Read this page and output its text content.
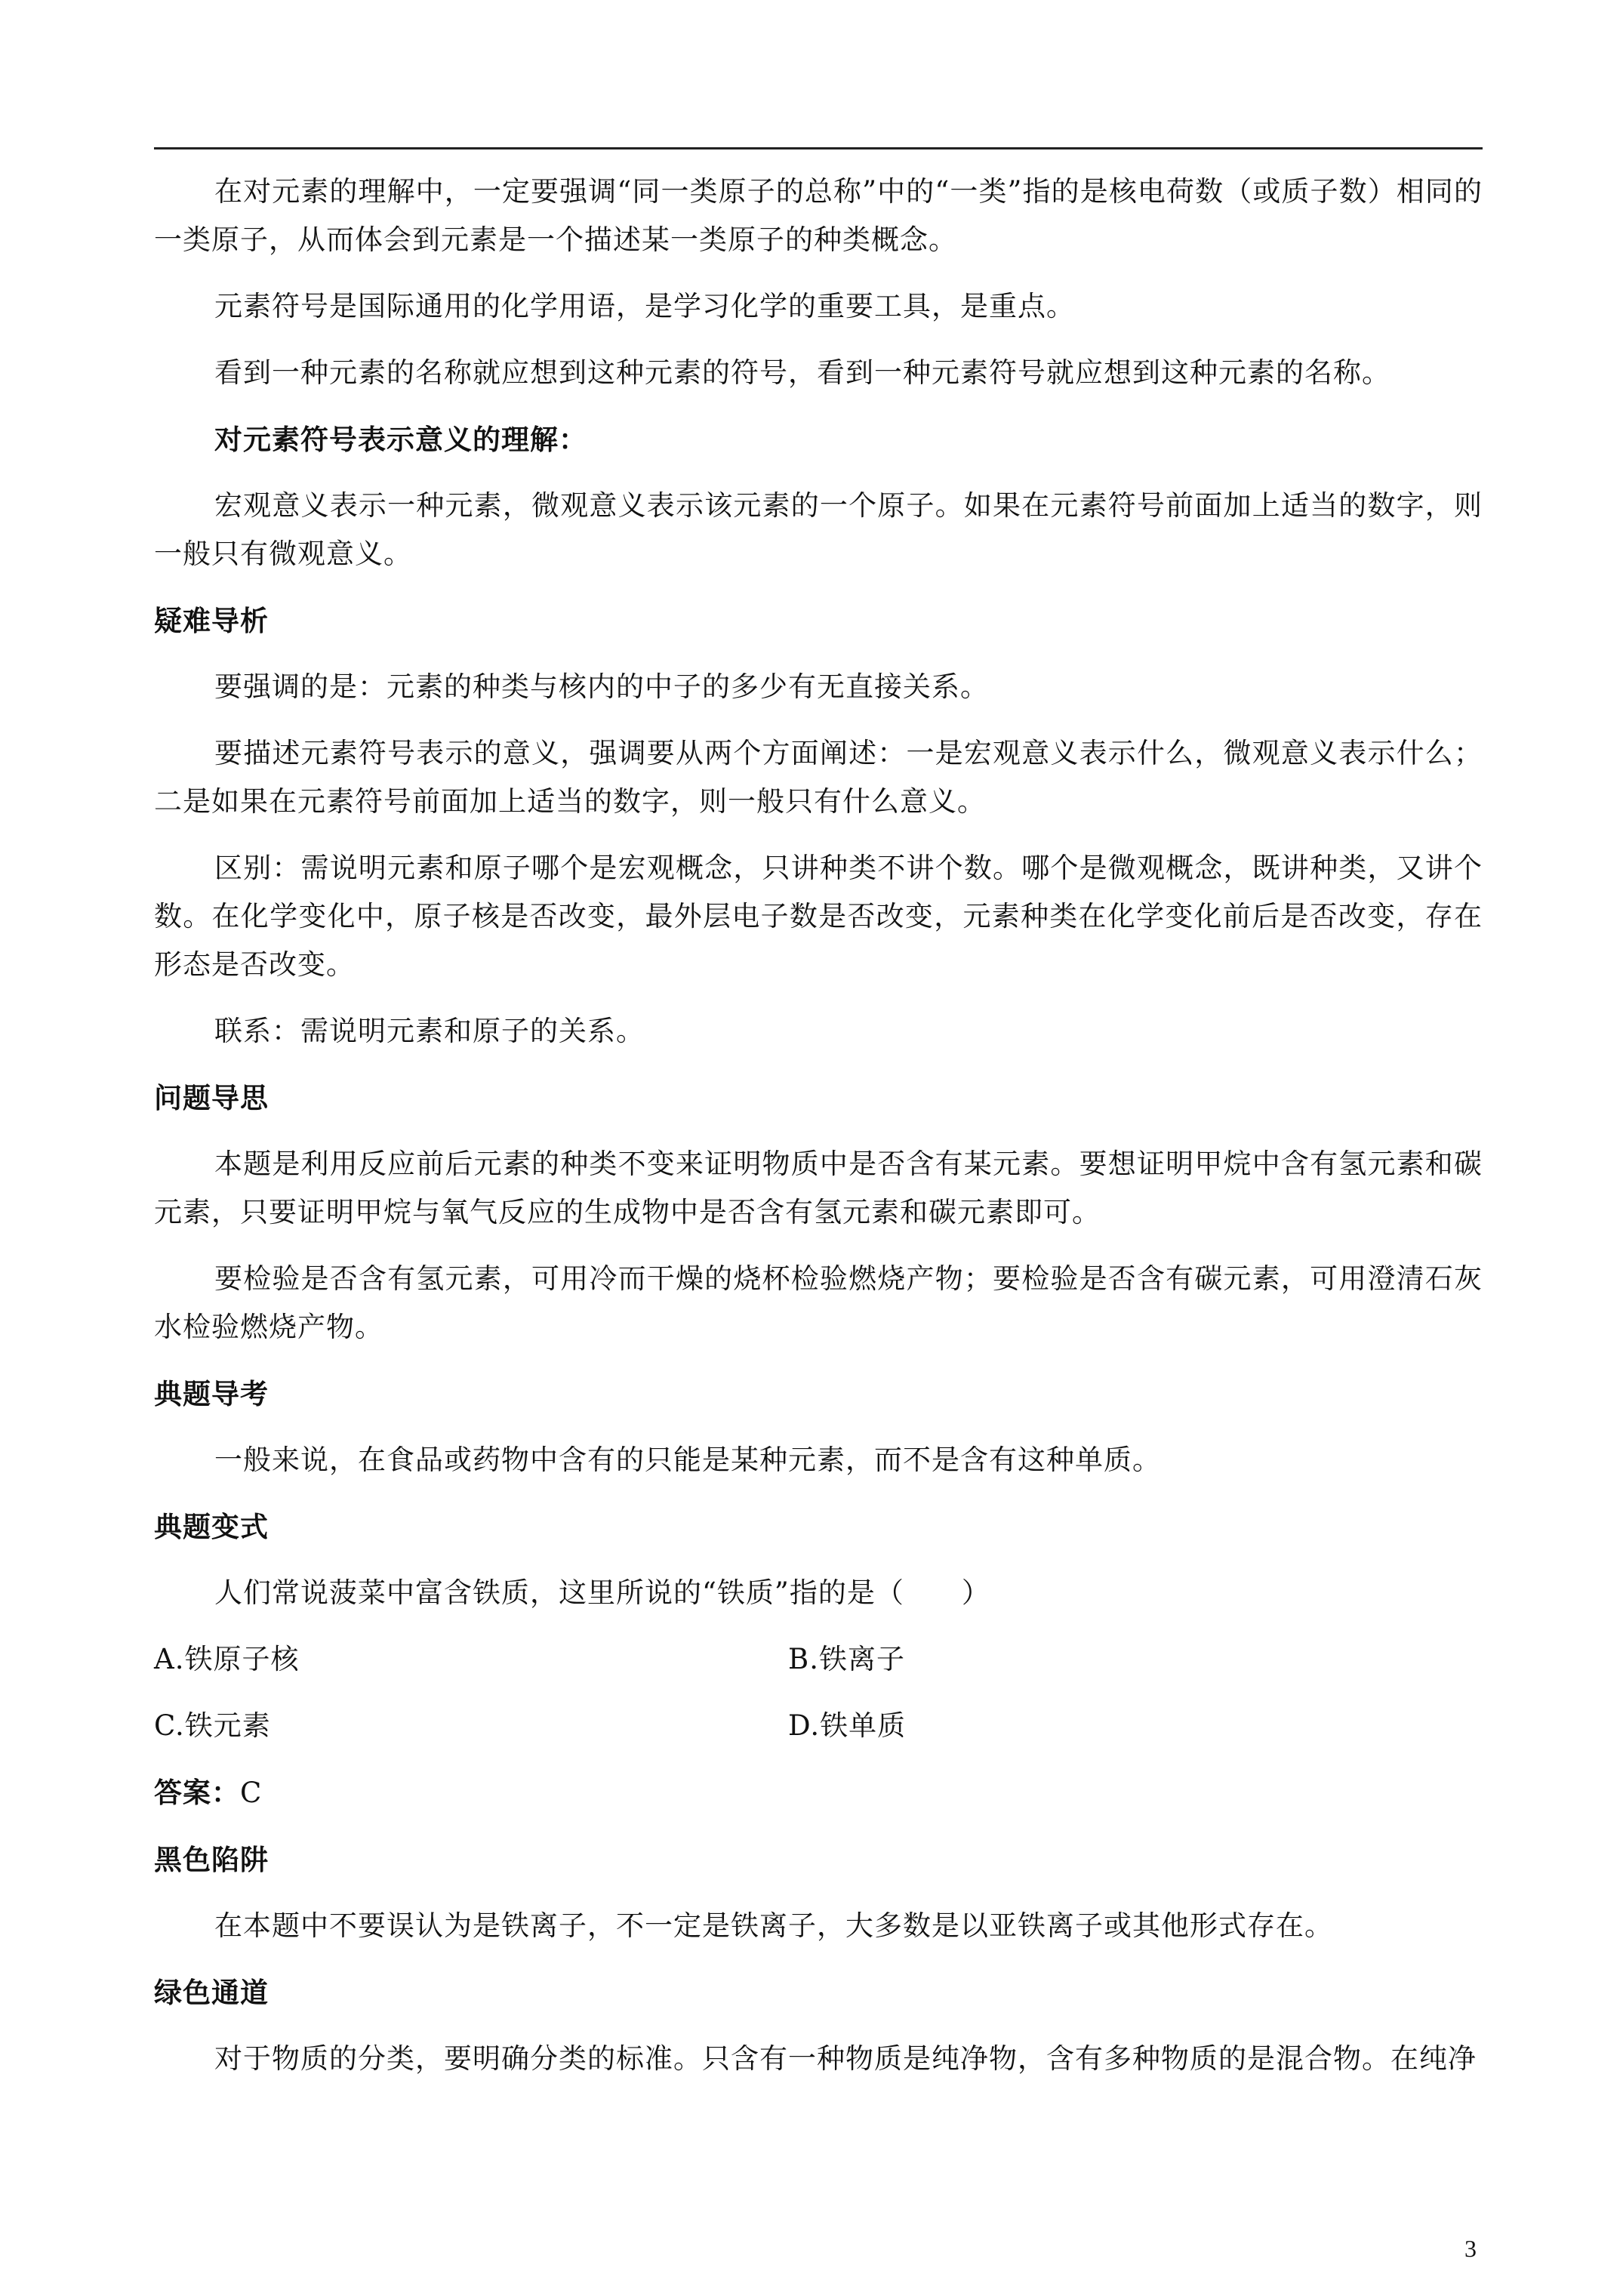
在对元素的理解中，一定要强调“同一类原子的总称”中的“一类”指的是核电荷数（或质子数）相同的一类原子，从而体会到元素是一个描述某一类原子的种类概念。

元素符号是国际通用的化学用语，是学习化学的重要工具，是重点。

看到一种元素的名称就应想到这种元素的符号，看到一种元素符号就应想到这种元素的名称。

对元素符号表示意义的理解：

宏观意义表示一种元素，微观意义表示该元素的一个原子。如果在元素符号前面加上适当的数字，则一般只有微观意义。

疑难导析

要强调的是：元素的种类与核内的中子的多少有无直接关系。

要描述元素符号表示的意义，强调要从两个方面阐述：一是宏观意义表示什么，微观意义表示什么；二是如果在元素符号前面加上适当的数字，则一般只有什么意义。

区别：需说明元素和原子哪个是宏观概念，只讲种类不讲个数。哪个是微观概念，既讲种类，又讲个数。在化学变化中，原子核是否改变，最外层电子数是否改变，元素种类在化学变化前后是否改变，存在形态是否改变。

联系：需说明元素和原子的关系。

问题导思

本题是利用反应前后元素的种类不变来证明物质中是否含有某元素。要想证明甲烷中含有氢元素和碳元素，只要证明甲烷与氧气反应的生成物中是否含有氢元素和碳元素即可。

要检验是否含有氢元素，可用冷而干燥的烧杯检验燃烧产物；要检验是否含有碳元素，可用澄清石灰水检验燃烧产物。

典题导考

一般来说，在食品或药物中含有的只能是某种元素，而不是含有这种单质。

典题变式

人们常说菠菜中富含铁质，这里所说的“铁质”指的是（　　）

A.铁原子核	B.铁离子
C.铁元素	D.铁单质

答案：C

黑色陷阱

在本题中不要误认为是铁离子，不一定是铁离子，大多数是以亚铁离子或其他形式存在。

绿色通道

对于物质的分类，要明确分类的标准。只含有一种物质是纯净物，含有多种物质的是混合物。在纯净

3
